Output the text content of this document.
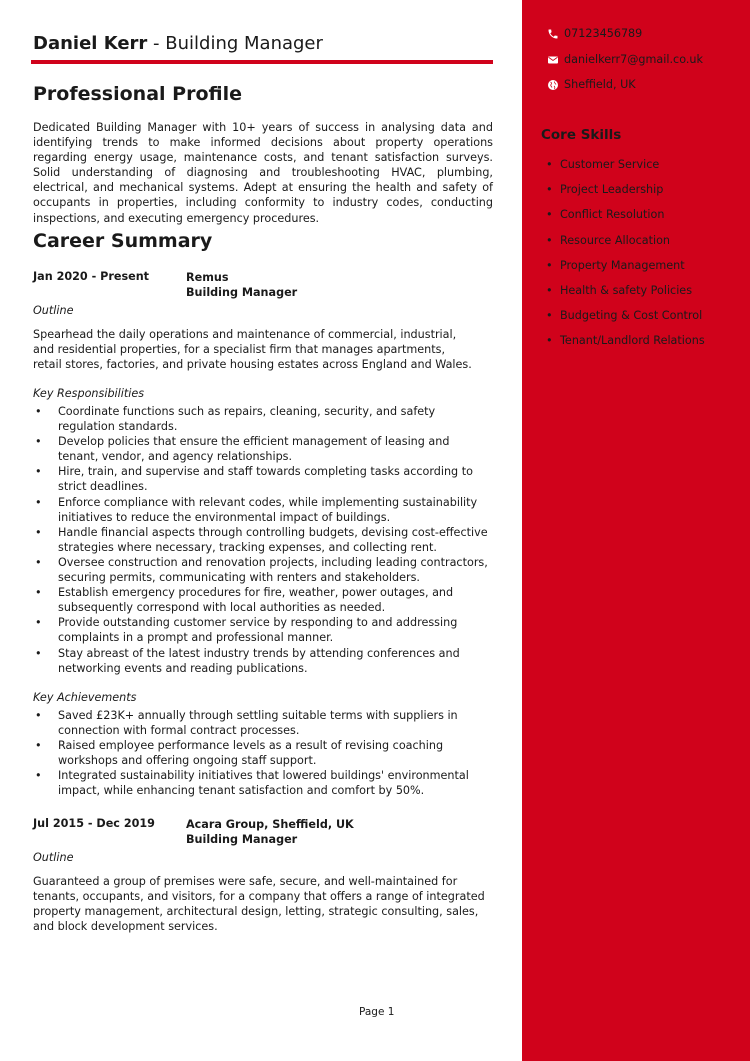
Daniel Kerr - Building Manager
Professional Profile
Dedicated Building Manager with 10+ years of success in analysing data and identifying trends to make informed decisions about property operations regarding energy usage, maintenance costs, and tenant satisfaction surveys. Solid understanding of diagnosing and troubleshooting HVAC, plumbing, electrical, and mechanical systems. Adept at ensuring the health and safety of occupants in properties, including conformity to industry codes, conducting inspections, and executing emergency procedures.
Career Summary
Jan 2020 - Present	Remus
Building Manager
Outline
Spearhead the daily operations and maintenance of commercial, industrial, and residential properties, for a specialist firm that manages apartments, retail stores, factories, and private housing estates across England and Wales.
Key Responsibilities
• Coordinate functions such as repairs, cleaning, security, and safety regulation standards.
• Develop policies that ensure the efficient management of leasing and tenant, vendor, and agency relationships.
• Hire, train, and supervise and staff towards completing tasks according to strict deadlines.
• Enforce compliance with relevant codes, while implementing sustainability initiatives to reduce the environmental impact of buildings.
• Handle financial aspects through controlling budgets, devising cost-effective strategies where necessary, tracking expenses, and collecting rent.
• Oversee construction and renovation projects, including leading contractors, securing permits, communicating with renters and stakeholders.
• Establish emergency procedures for fire, weather, power outages, and subsequently correspond with local authorities as needed.
• Provide outstanding customer service by responding to and addressing complaints in a prompt and professional manner.
• Stay abreast of the latest industry trends by attending conferences and networking events and reading publications.
Key Achievements
• Saved £23K+ annually through settling suitable terms with suppliers in connection with formal contract processes.
• Raised employee performance levels as a result of revising coaching workshops and offering ongoing staff support.
• Integrated sustainability initiatives that lowered buildings' environmental impact, while enhancing tenant satisfaction and comfort by 50%.
Jul 2015 - Dec 2019	Acara Group, Sheffield, UK
Building Manager
Outline
Guaranteed a group of premises were safe, secure, and well-maintained for tenants, occupants, and visitors, for a company that offers a range of integrated property management, architectural design, letting, strategic consulting, sales, and block development services.
Page 1
07123456789
danielkerr7@gmail.co.uk
Sheffield, UK
Core Skills
• Customer Service
• Project Leadership
• Conflict Resolution
• Resource Allocation
• Property Management
• Health & safety Policies
• Budgeting & Cost Control
• Tenant/Landlord Relations
